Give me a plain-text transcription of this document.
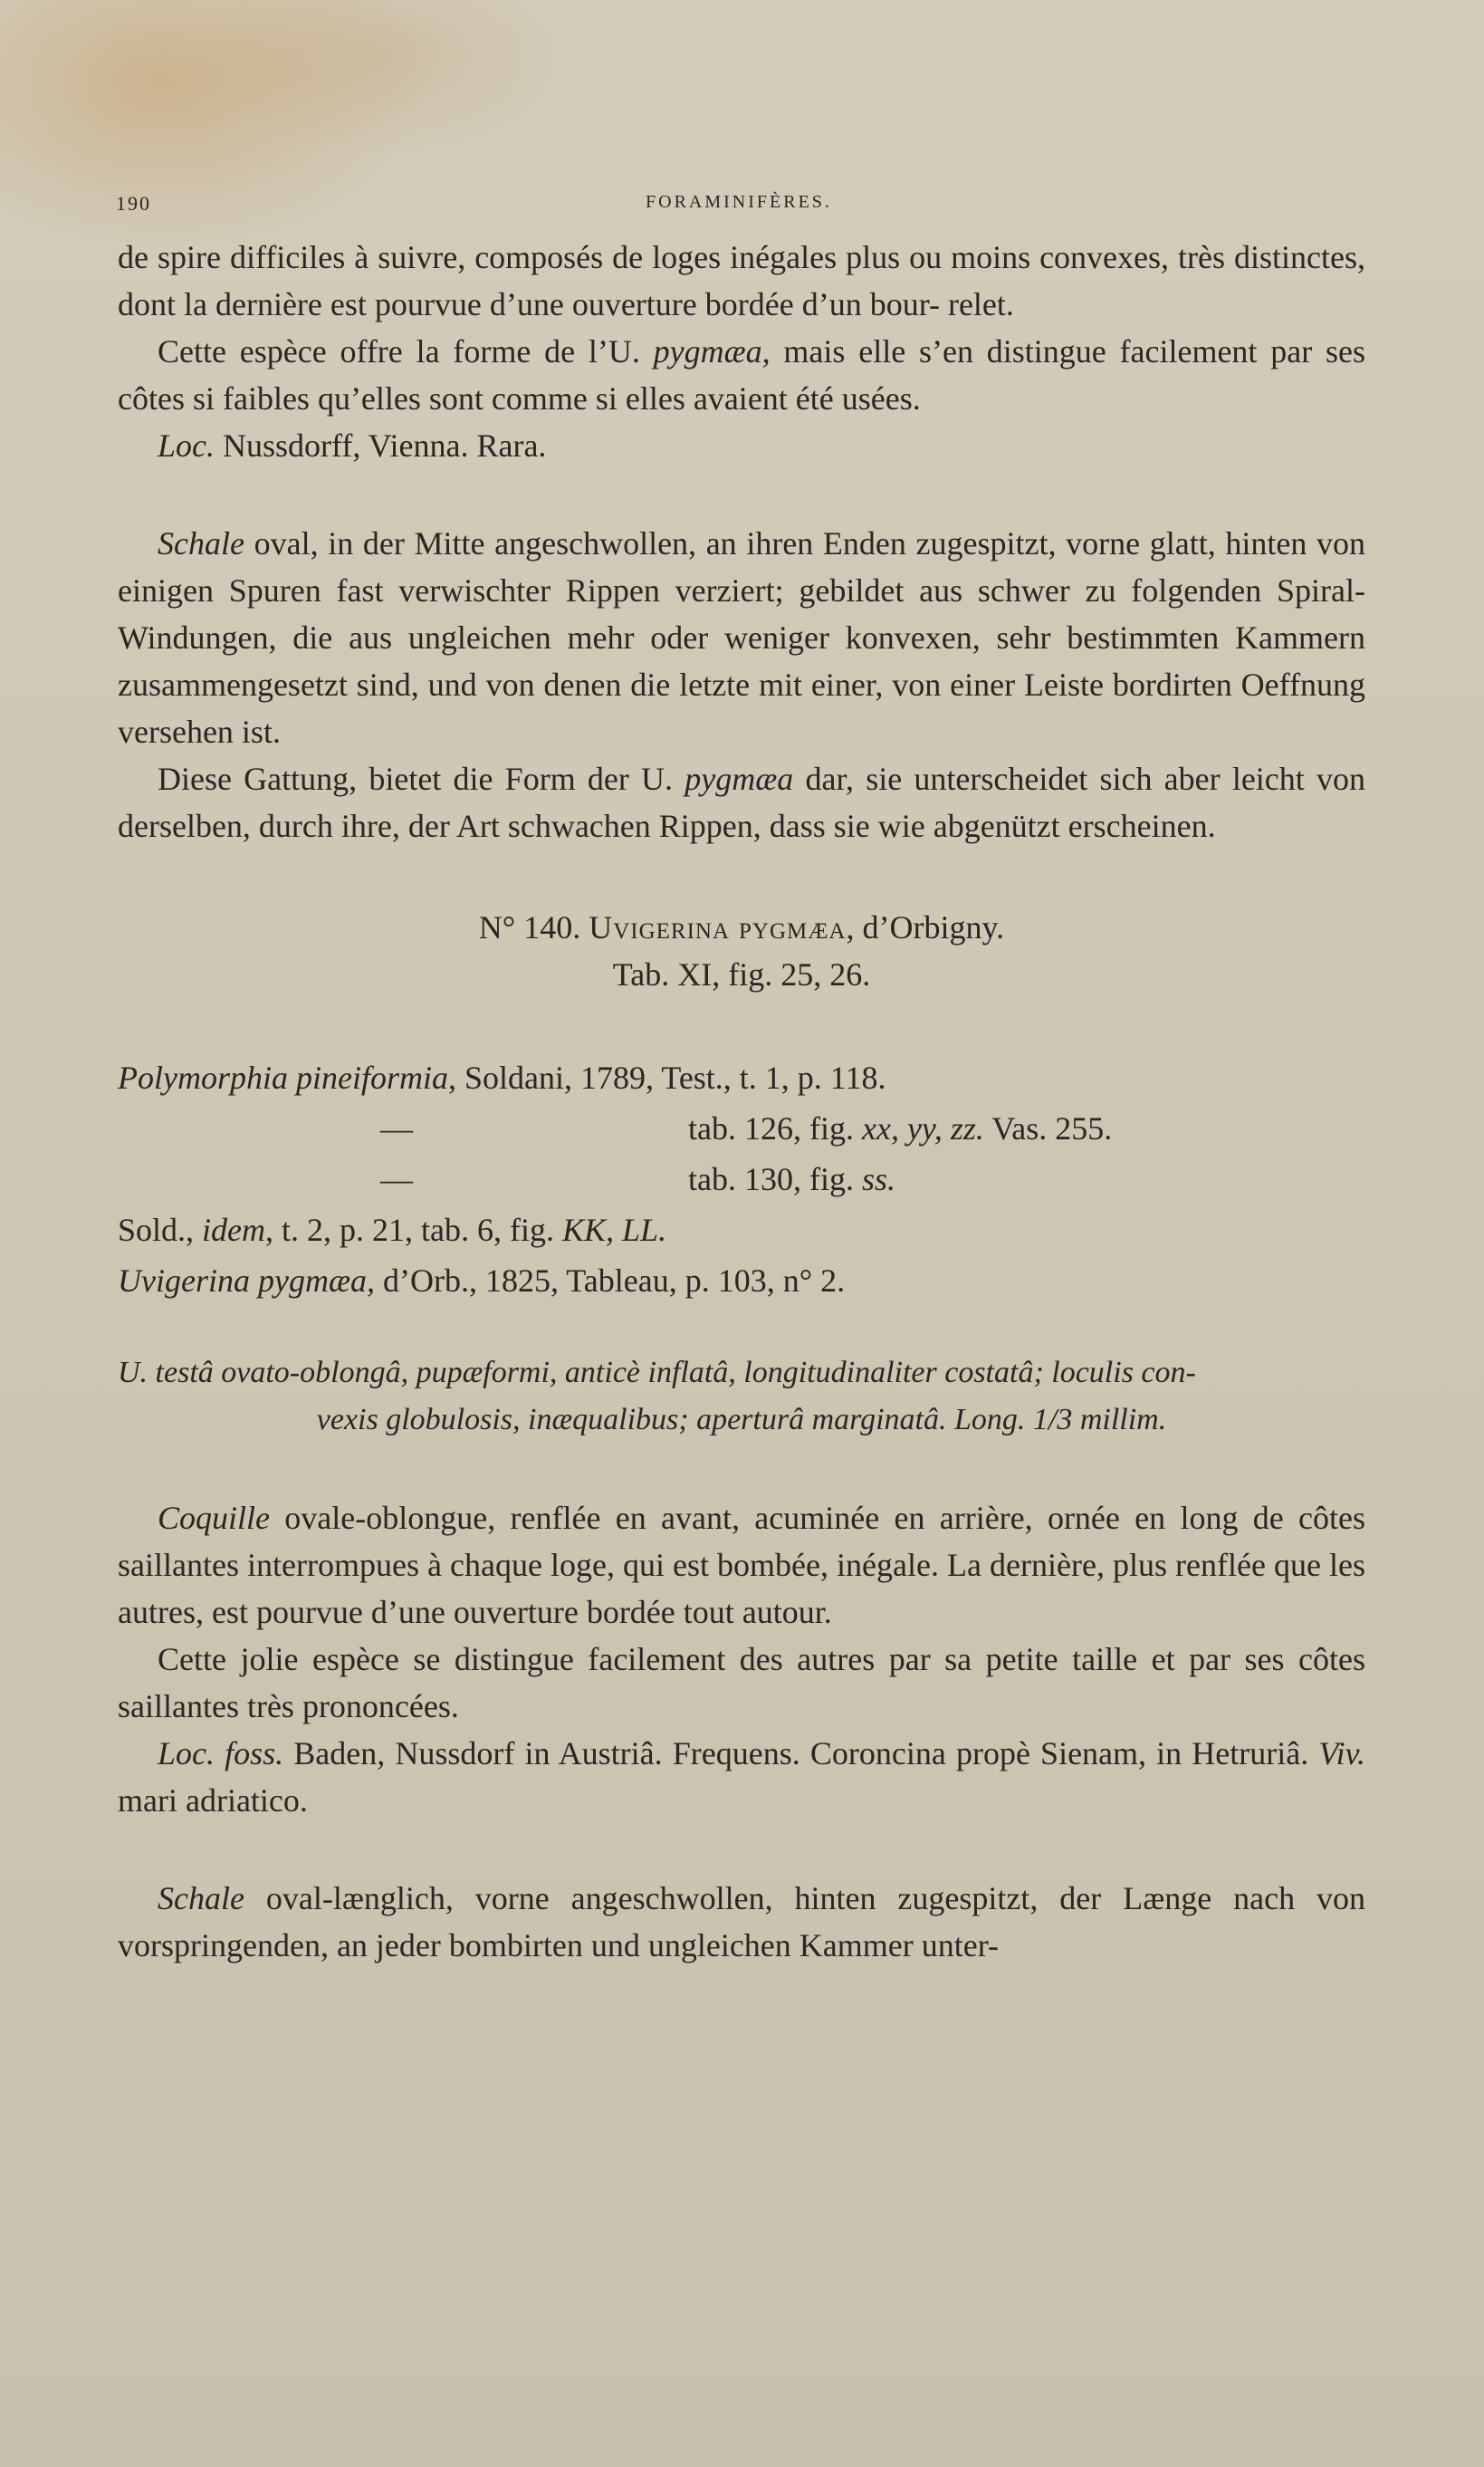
190	FORAMINIFÈRES.

de spire difficiles à suivre, composés de loges inégales plus ou moins convexes, très distinctes, dont la dernière est pourvue d’une ouverture bordée d’un bour- relet.

Cette espèce offre la forme de l’U. pygmæa, mais elle s’en distingue facilement par ses côtes si faibles qu’elles sont comme si elles avaient été usées.

Loc. Nussdorff, Vienna. Rara.

Schale oval, in der Mitte angeschwollen, an ihren Enden zugespitzt, vorne glatt, hinten von einigen Spuren fast verwischter Rippen verziert; gebildet aus schwer zu folgenden Spiral-Windungen, die aus ungleichen mehr oder weniger konvexen, sehr bestimmten Kammern zusammengesetzt sind, und von denen die letzte mit einer, von einer Leiste bordirten Oeffnung versehen ist.

Diese Gattung, bietet die Form der U. pygmæa dar, sie unterscheidet sich aber leicht von derselben, durch ihre, der Art schwachen Rippen, dass sie wie abgenützt erscheinen.

N° 140. Uvigerina pygmæa, d’Orbigny.

Tab. XI, fig. 25, 26.

Polymorphia pineiformia, Soldani, 1789, Test., t. 1, p. 118.
—	tab. 126, fig. xx, yy, zz. Vas. 255.
—	tab. 130, fig. ss.
Sold., idem, t. 2, p. 21, tab. 6, fig. KK, LL.
Uvigerina pygmæa, d’Orb., 1825, Tableau, p. 103, n° 2.

U. testâ ovato-oblongâ, pupæformi, anticè inflatâ, longitudinaliter costatâ; loculis con-

vexis globulosis, inæqualibus; aperturâ marginatâ. Long. 1/3 millim.

Coquille ovale-oblongue, renflée en avant, acuminée en arrière, ornée en long de côtes saillantes interrompues à chaque loge, qui est bombée, inégale. La dernière, plus renflée que les autres, est pourvue d’une ouverture bordée tout autour.

Cette jolie espèce se distingue facilement des autres par sa petite taille et par ses côtes saillantes très prononcées.

Loc. foss. Baden, Nussdorf in Austriâ. Frequens. Coroncina propè Sienam, in Hetruriâ. Viv. mari adriatico.

Schale oval-længlich, vorne angeschwollen, hinten zugespitzt, der Længe nach von vorspringenden, an jeder bombirten und ungleichen Kammer unter-
